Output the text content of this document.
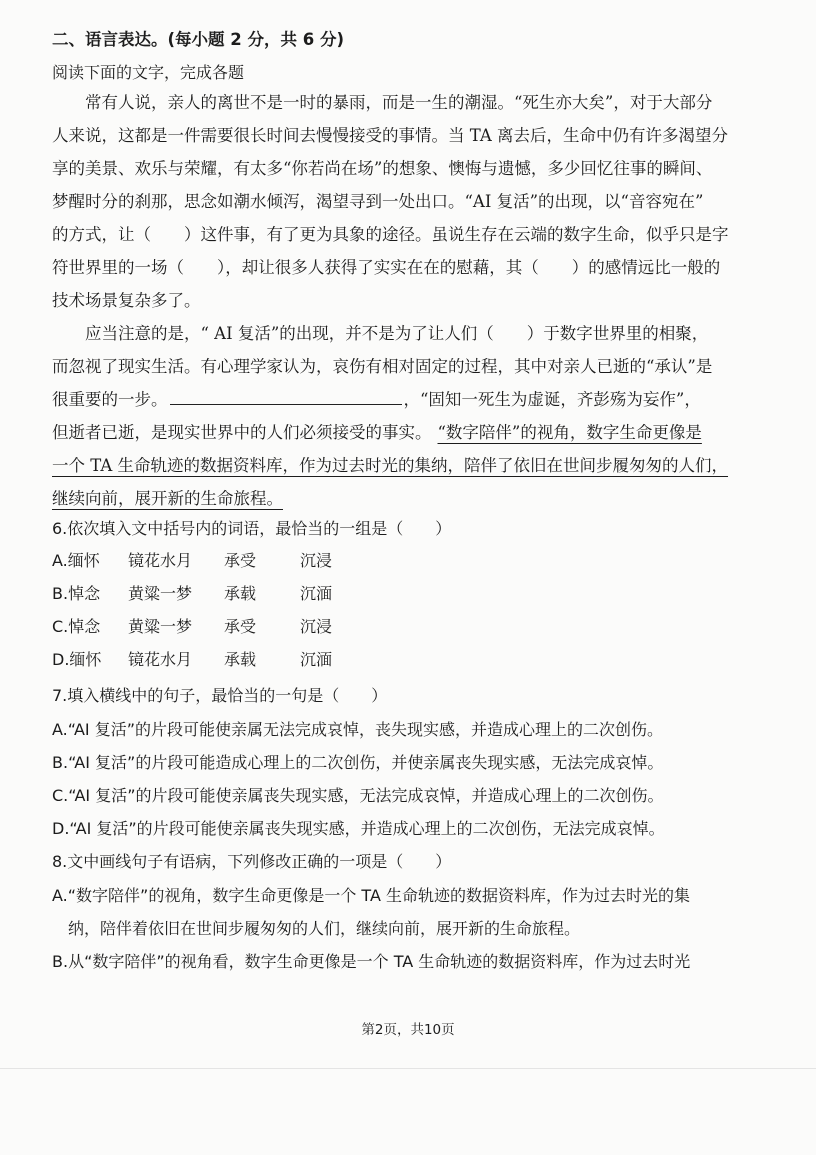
二、语言表达。(每小题 2 分，共 6 分)
阅读下面的文字，完成各题
常有人说，亲人的离世不是一时的暴雨，而是一生的潮湿。“死生亦大矣”，对于大部分
人来说，这都是一件需要很长时间去慢慢接受的事情。当 TA 离去后，生命中仍有许多渴望分
享的美景、欢乐与荣耀，有太多“你若尚在场”的想象、懊悔与遗憾，多少回忆往事的瞬间、
梦醒时分的刹那，思念如潮水倾泻，渴望寻到一处出口。“AI 复活”的出现，以“音容宛在”
的方式，让（　　）这件事，有了更为具象的途径。虽说生存在云端的数字生命，似乎只是字
符世界里的一场（　　），却让很多人获得了实实在在的慰藉，其（　　）的感情远比一般的
技术场景复杂多了。
应当注意的是，“ AI 复活”的出现，并不是为了让人们（　　）于数字世界里的相聚，
而忽视了现实生活。有心理学家认为，哀伤有相对固定的过程，其中对亲人已逝的“承认”是
很重要的一步。	，“固知一死生为虚诞，齐彭殇为妄作”，
但逝者已逝，是现实世界中的人们必须接受的事实。 “数字陪伴”的视角，数字生命更像是
一个 TA 生命轨迹的数据资料库，作为过去时光的集纳，陪伴了依旧在世间步履匆匆的人们，
继续向前，展开新的生命旅程。
6.依次填入文中括号内的词语，最恰当的一组是（　　）
A.缅怀 镜花水月 承受	沉浸
B.悼念 黄粱一梦 承载	沉湎
C.悼念 黄粱一梦 承受	沉浸
D.缅怀 镜花水月 承载	沉湎
7.填入横线中的句子，最恰当的一句是（　　）
A.“AI 复活”的片段可能使亲属无法完成哀悼，丧失现实感，并造成心理上的二次创伤。
B.“AI 复活”的片段可能造成心理上的二次创伤，并使亲属丧失现实感，无法完成哀悼。
C.“AI 复活”的片段可能使亲属丧失现实感，无法完成哀悼，并造成心理上的二次创伤。
D.“AI 复活”的片段可能使亲属丧失现实感，并造成心理上的二次创伤，无法完成哀悼。
8.文中画线句子有语病，下列修改正确的一项是（　　）
A.“数字陪伴”的视角，数字生命更像是一个 TA 生命轨迹的数据资料库，作为过去时光的集
纳，陪伴着依旧在世间步履匆匆的人们，继续向前，展开新的生命旅程。
B.从“数字陪伴”的视角看，数字生命更像是一个 TA 生命轨迹的数据资料库，作为过去时光
第2页，共10页
